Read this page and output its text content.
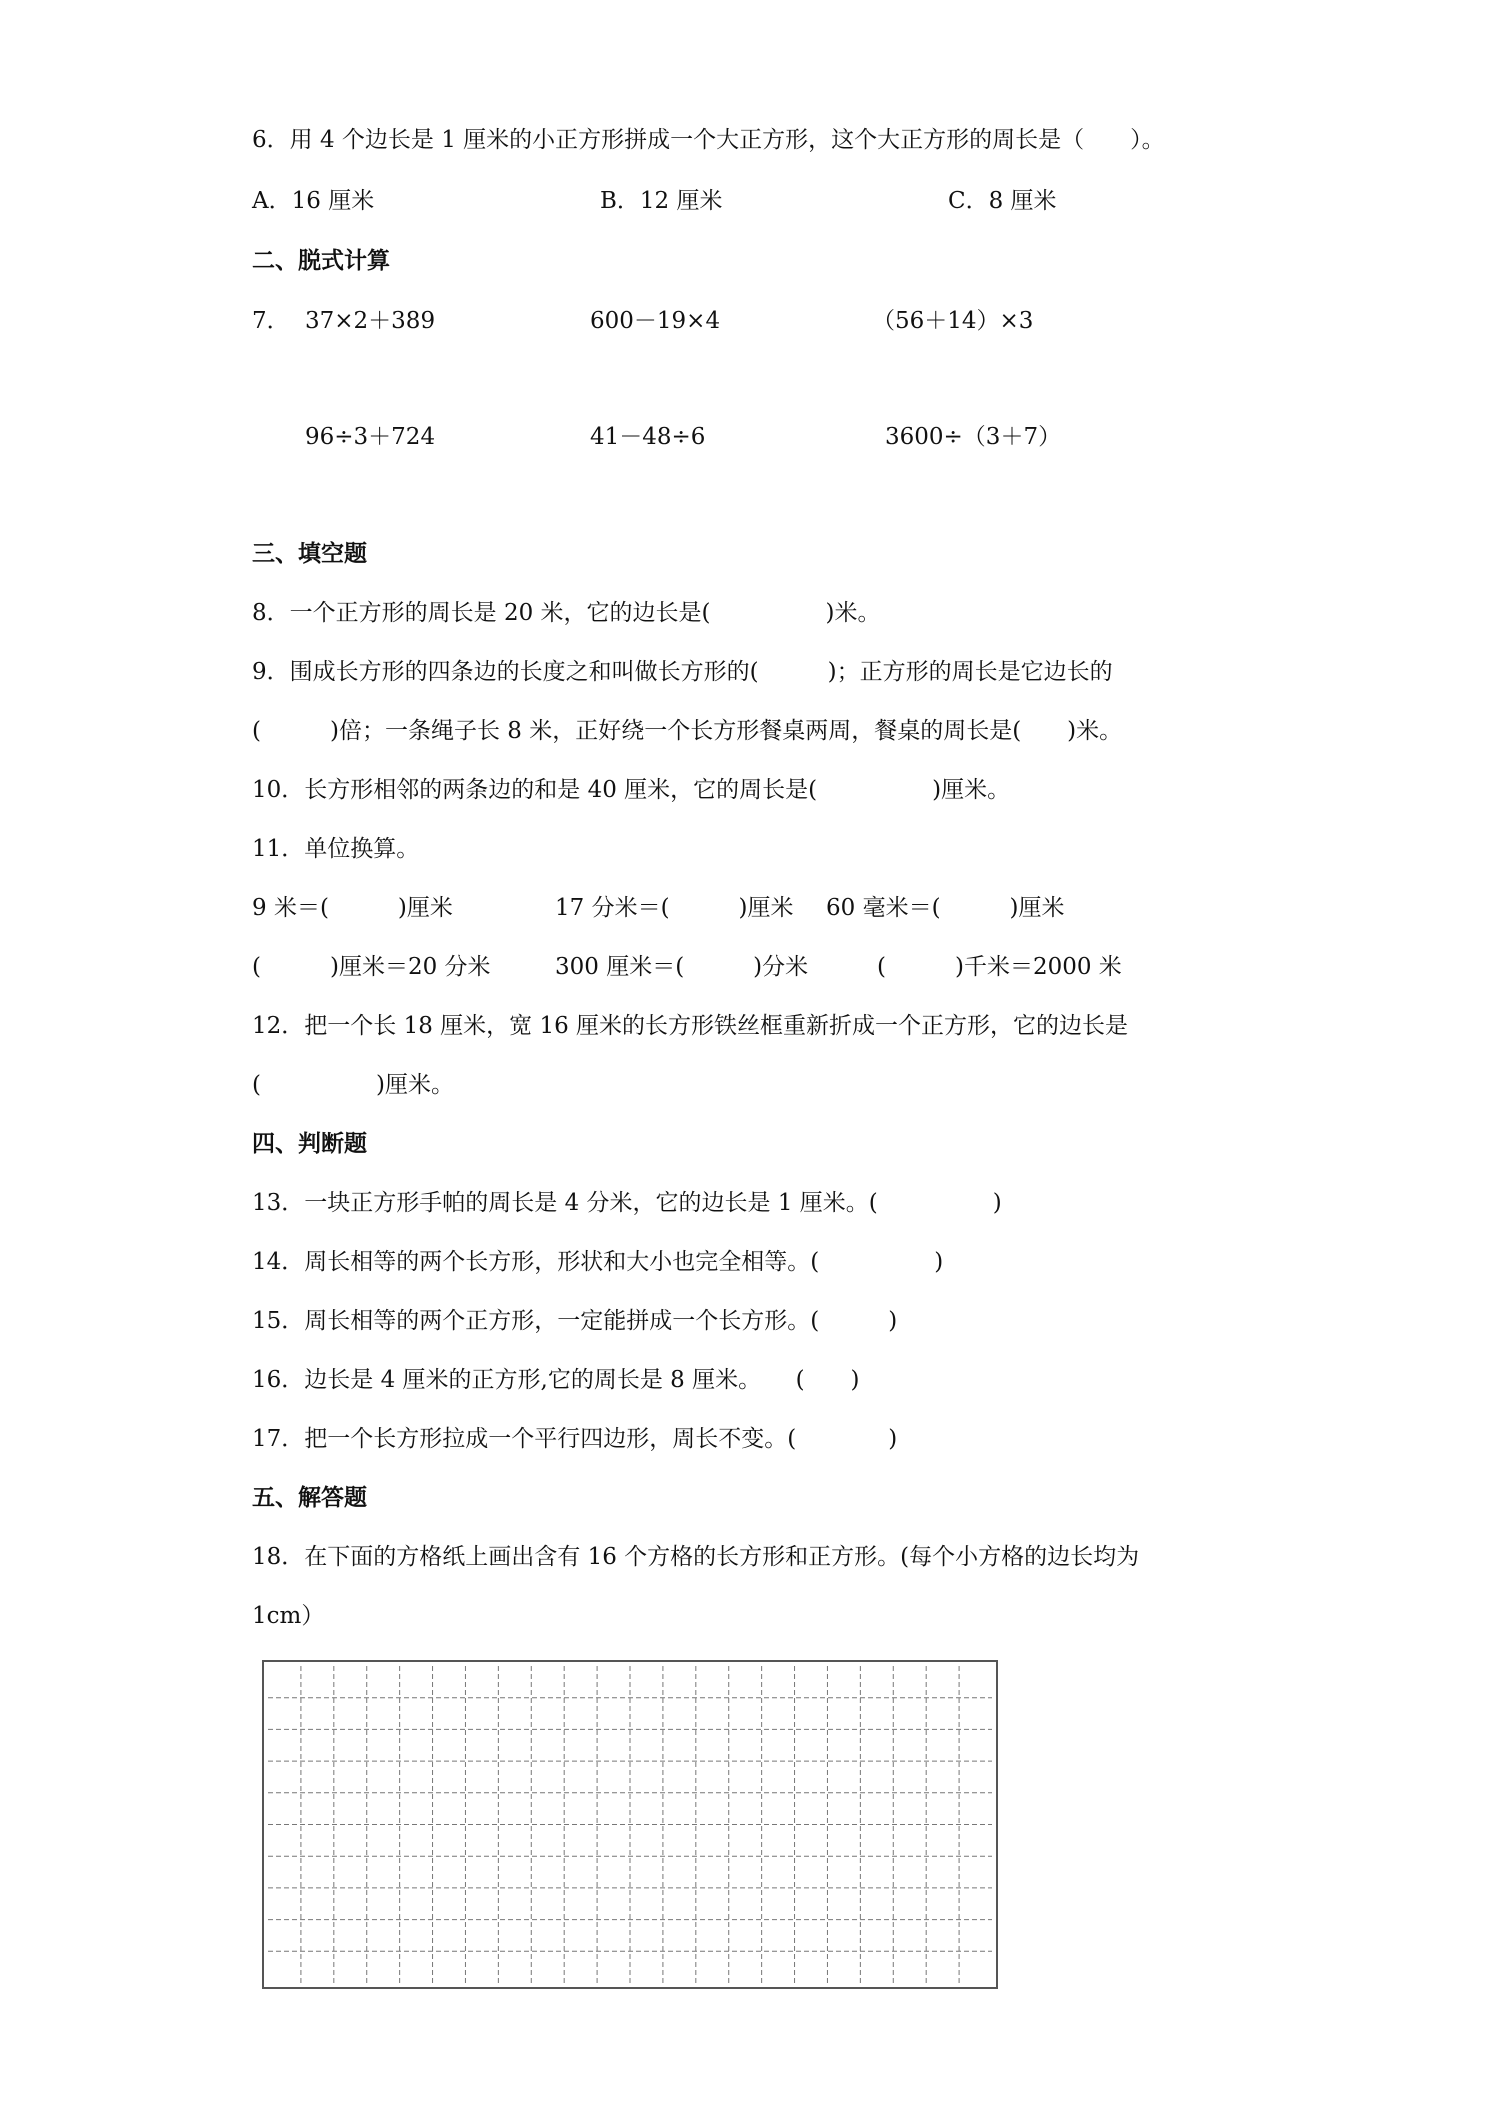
6．用 4 个边长是 1 厘米的小正方形拼成一个大正方形，这个大正方形的周长是（　　）。
A．16 厘米	B．12 厘米	C．8 厘米
二、脱式计算
7． 37×2＋389	600－19×4	（56＋14）×3
96÷3＋724	41－48÷6	3600÷（3＋7）
三、填空题
8．一个正方形的周长是 20 米，它的边长是(　　　　　)米。
9．围成长方形的四条边的长度之和叫做长方形的(　　　)；正方形的周长是它边长的
(　　　)倍；一条绳子长 8 米，正好绕一个长方形餐桌两周，餐桌的周长是(　　)米。
10．长方形相邻的两条边的和是 40 厘米，它的周长是(　　　　　)厘米。
11．单位换算。
9 米＝(　　　)厘米	17 分米＝(　　　)厘米 60 毫米＝(　　　)厘米
(　　　)厘米＝20 分米	300 厘米＝(　　　)分米	(　　　)千米＝2000 米
12．把一个长 18 厘米，宽 16 厘米的长方形铁丝框重新折成一个正方形，它的边长是
(　　　　　)厘米。
四、判断题
13．一块正方形手帕的周长是 4 分米，它的边长是 1 厘米。(　　　　　)
14．周长相等的两个长方形，形状和大小也完全相等。(　　　　　)
15．周长相等的两个正方形，一定能拼成一个长方形。(　　　)
16．边长是 4 厘米的正方形,它的周长是 8 厘米。　　(　　)
17．把一个长方形拉成一个平行四边形，周长不变。(　　　　)
五、解答题
18．在下面的方格纸上画出含有 16 个方格的长方形和正方形。(每个小方格的边长均为
1cm）
